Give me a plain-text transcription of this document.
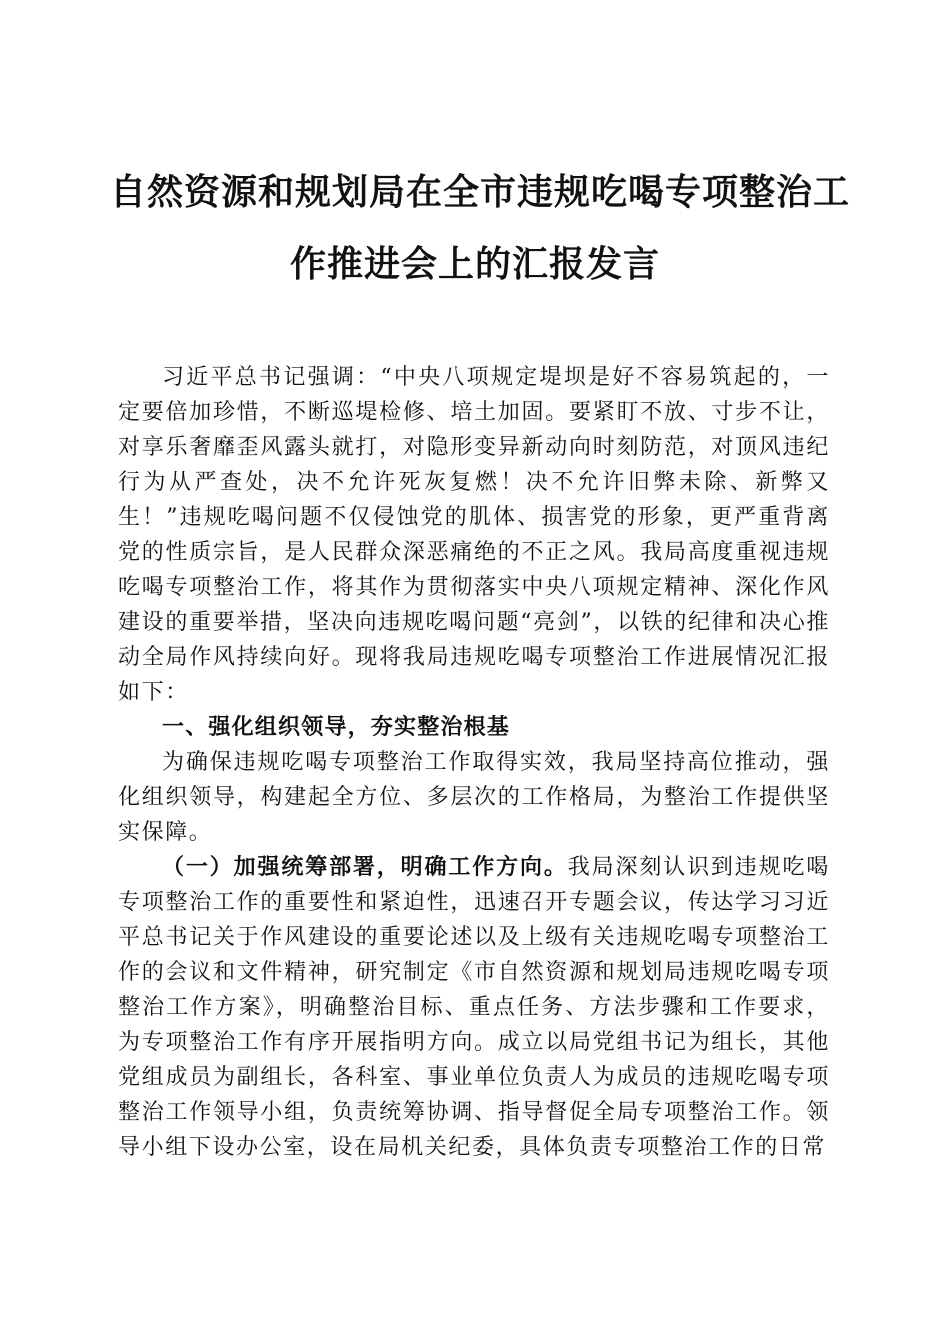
自然资源和规划局在全市违规吃喝专项整治工
作推进会上的汇报发言

习近平总书记强调：“中央八项规定堤坝是好不容易筑起的，一定要倍加珍惜，不断巡堤检修、培土加固。要紧盯不放、寸步不让，对享乐奢靡歪风露头就打，对隐形变异新动向时刻防范，对顶风违纪行为从严查处，决不允许死灰复燃！决不允许旧弊未除、新弊又生！”违规吃喝问题不仅侵蚀党的肌体、损害党的形象，更严重背离党的性质宗旨，是人民群众深恶痛绝的不正之风。我局高度重视违规吃喝专项整治工作，将其作为贯彻落实中央八项规定精神、深化作风建设的重要举措，坚决向违规吃喝问题“亮剑”，以铁的纪律和决心推动全局作风持续向好。现将我局违规吃喝专项整治工作进展情况汇报如下：

一、强化组织领导，夯实整治根基

为确保违规吃喝专项整治工作取得实效，我局坚持高位推动，强化组织领导，构建起全方位、多层次的工作格局，为整治工作提供坚实保障。

（一）加强统筹部署，明确工作方向。我局深刻认识到违规吃喝专项整治工作的重要性和紧迫性，迅速召开专题会议，传达学习习近平总书记关于作风建设的重要论述以及上级有关违规吃喝专项整治工作的会议和文件精神，研究制定《市自然资源和规划局违规吃喝专项整治工作方案》，明确整治目标、重点任务、方法步骤和工作要求，为专项整治工作有序开展指明方向。成立以局党组书记为组长，其他党组成员为副组长，各科室、事业单位负责人为成员的违规吃喝专项整治工作领导小组，负责统筹协调、指导督促全局专项整治工作。领导小组下设办公室，设在局机关纪委，具体负责专项整治工作的日常
